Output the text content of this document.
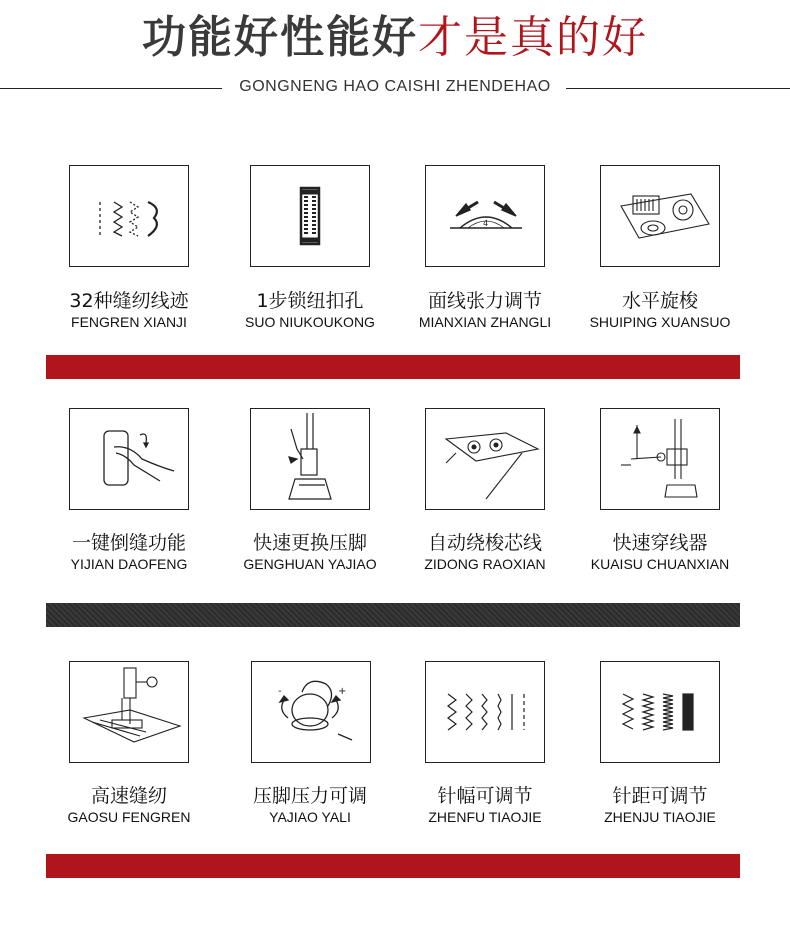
功能好性能好才是真的好
GONGNENG HAO CAISHI ZHENDEHAO
32种缝纫线迹
FENGREN XIANJI
1步锁纽扣孔
SUO NIUKOUKONG
4
面线张力调节
MIANXIAN ZHANGLI
水平旋梭
SHUIPING XUANSUO
一键倒缝功能
YIJIAN DAOFENG
快速更换压脚
GENGHUAN YAJIAO
自动绕梭芯线
ZIDONG RAOXIAN
快速穿线器
KUAISU CHUANXIAN
高速缝纫
GAOSU FENGREN
-	+
压脚压力可调
YAJIAO YALI
针幅可调节
ZHENFU TIAOJIE
针距可调节
ZHENJU TIAOJIE
